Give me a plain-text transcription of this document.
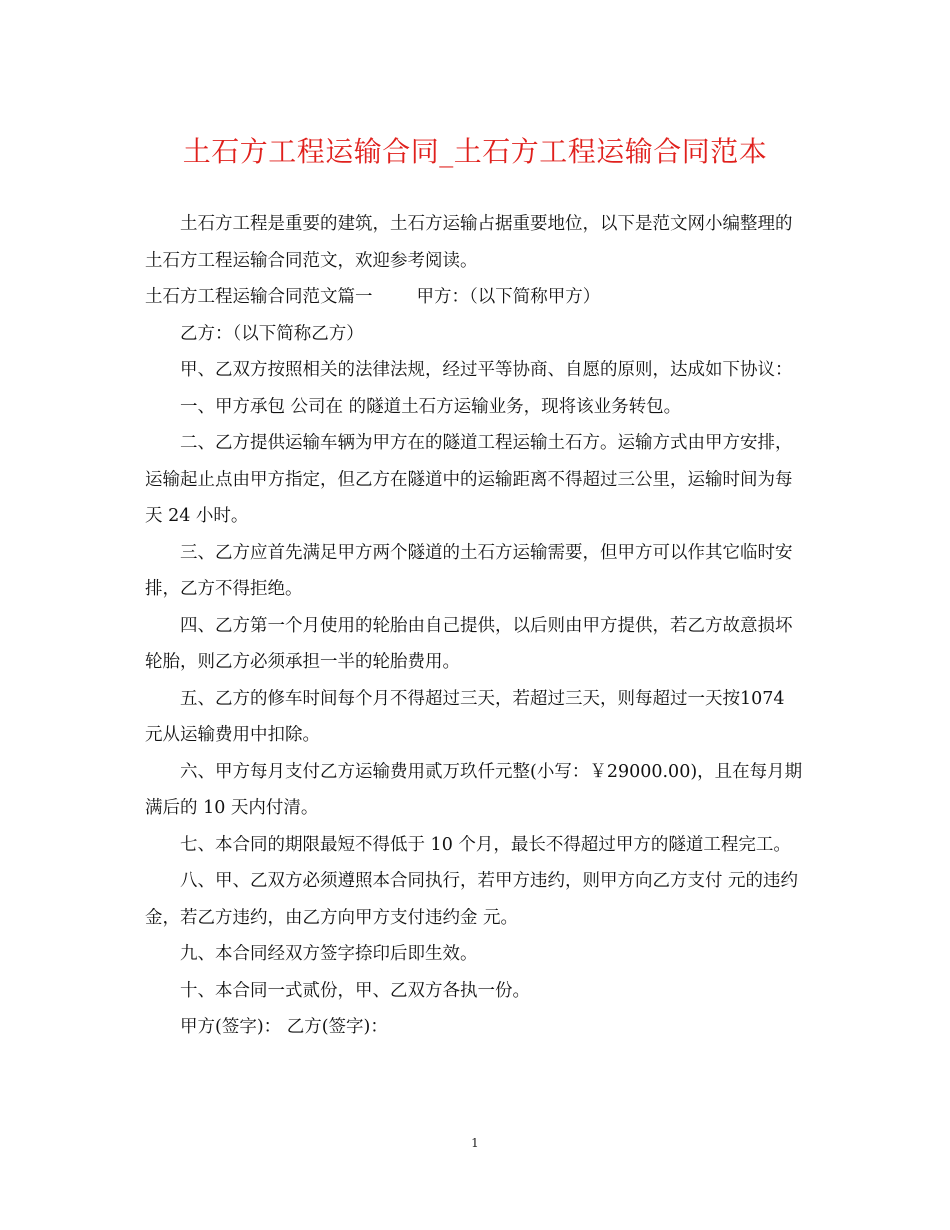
土石方工程运输合同_土石方工程运输合同范本

土石方工程是重要的建筑，土石方运输占据重要地位，以下是范文网小编整理的土石方工程运输合同范文，欢迎参考阅读。

土石方工程运输合同范文篇一	甲方：（以下简称甲方）

乙方：（以下简称乙方）

甲、乙双方按照相关的法律法规，经过平等协商、自愿的原则，达成如下协议：

一、甲方承包 公司在 的隧道土石方运输业务，现将该业务转包。

二、乙方提供运输车辆为甲方在的隧道工程运输土石方。运输方式由甲方安排，运输起止点由甲方指定，但乙方在隧道中的运输距离不得超过三公里，运输时间为每天 24 小时。

三、乙方应首先满足甲方两个隧道的土石方运输需要，但甲方可以作其它临时安排，乙方不得拒绝。

四、乙方第一个月使用的轮胎由自己提供，以后则由甲方提供，若乙方故意损坏轮胎，则乙方必须承担一半的轮胎费用。

五、乙方的修车时间每个月不得超过三天，若超过三天，则每超过一天按1074 元从运输费用中扣除。

六、甲方每月支付乙方运输费用贰万玖仟元整(小写：￥29000.00)，且在每月期满后的 10 天内付清。

七、本合同的期限最短不得低于 10 个月，最长不得超过甲方的隧道工程完工。

八、甲、乙双方必须遵照本合同执行，若甲方违约，则甲方向乙方支付 元的违约金，若乙方违约，由乙方向甲方支付违约金 元。

九、本合同经双方签字捺印后即生效。

十、本合同一式贰份，甲、乙双方各执一份。

甲方(签字)： 乙方(签字)：

1
